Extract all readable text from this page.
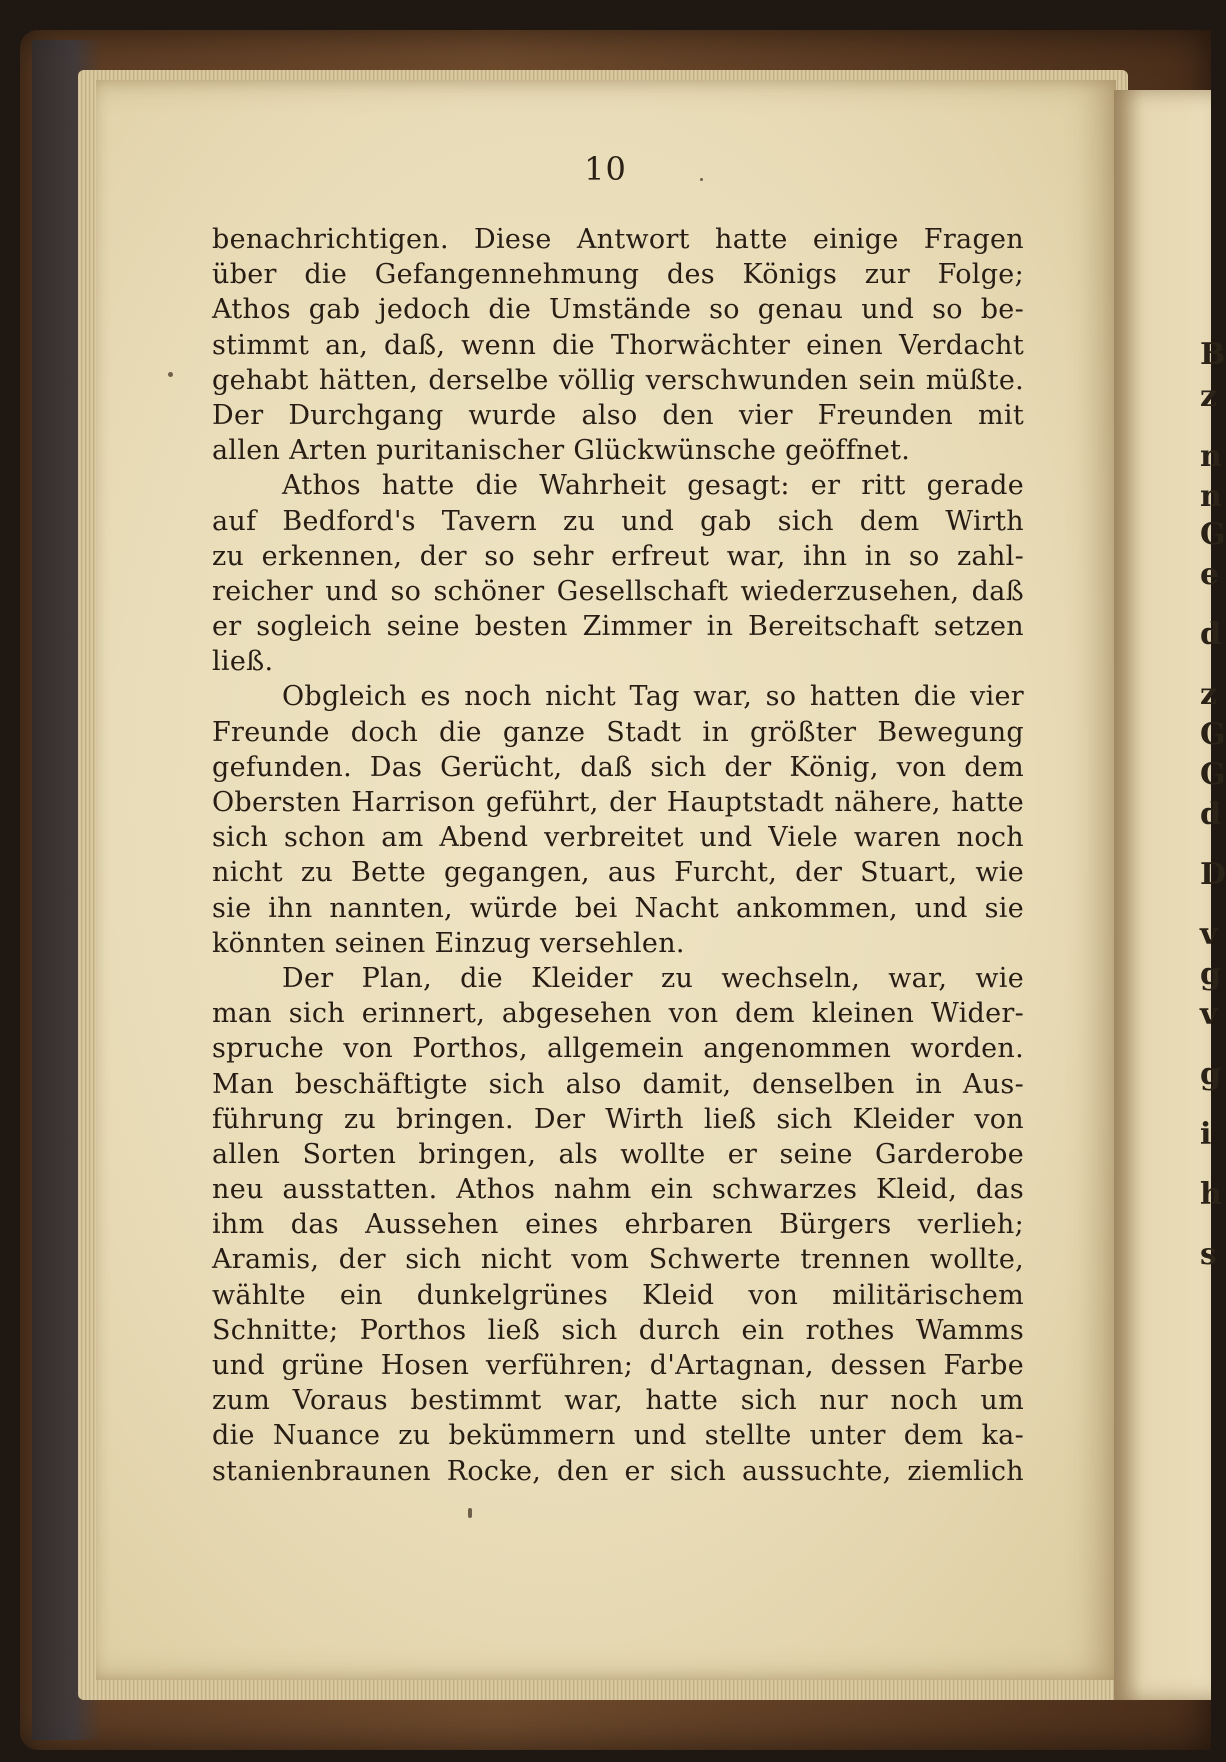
B
z
n
n
G
e
d
z
G
G
d
D
v
g
v
g
i
h
s
10
benachrichtigen. Diese Antwort hatte einige Fragen
über die Gefangennehmung des Königs zur Folge;
Athos gab jedoch die Umstände so genau und so be-
stimmt an, daß, wenn die Thorwächter einen Verdacht
gehabt hätten, derselbe völlig verschwunden sein müßte.
Der Durchgang wurde also den vier Freunden mit
allen Arten puritanischer Glückwünsche geöffnet.
Athos hatte die Wahrheit gesagt: er ritt gerade
auf Bedford's Tavern zu und gab sich dem Wirth
zu erkennen, der so sehr erfreut war, ihn in so zahl-
reicher und so schöner Gesellschaft wiederzusehen, daß
er sogleich seine besten Zimmer in Bereitschaft setzen
ließ.
Obgleich es noch nicht Tag war, so hatten die vier
Freunde doch die ganze Stadt in größter Bewegung
gefunden. Das Gerücht, daß sich der König, von dem
Obersten Harrison geführt, der Hauptstadt nähere, hatte
sich schon am Abend verbreitet und Viele waren noch
nicht zu Bette gegangen, aus Furcht, der Stuart, wie
sie ihn nannten, würde bei Nacht ankommen, und sie
könnten seinen Einzug versehlen.
Der Plan, die Kleider zu wechseln, war, wie
man sich erinnert, abgesehen von dem kleinen Wider-
spruche von Porthos, allgemein angenommen worden.
Man beschäftigte sich also damit, denselben in Aus-
führung zu bringen. Der Wirth ließ sich Kleider von
allen Sorten bringen, als wollte er seine Garderobe
neu ausstatten. Athos nahm ein schwarzes Kleid, das
ihm das Aussehen eines ehrbaren Bürgers verlieh;
Aramis, der sich nicht vom Schwerte trennen wollte,
wählte ein dunkelgrünes Kleid von militärischem
Schnitte; Porthos ließ sich durch ein rothes Wamms
und grüne Hosen verführen; d'Artagnan, dessen Farbe
zum Voraus bestimmt war, hatte sich nur noch um
die Nuance zu bekümmern und stellte unter dem ka-
stanienbraunen Rocke, den er sich aussuchte, ziemlich
